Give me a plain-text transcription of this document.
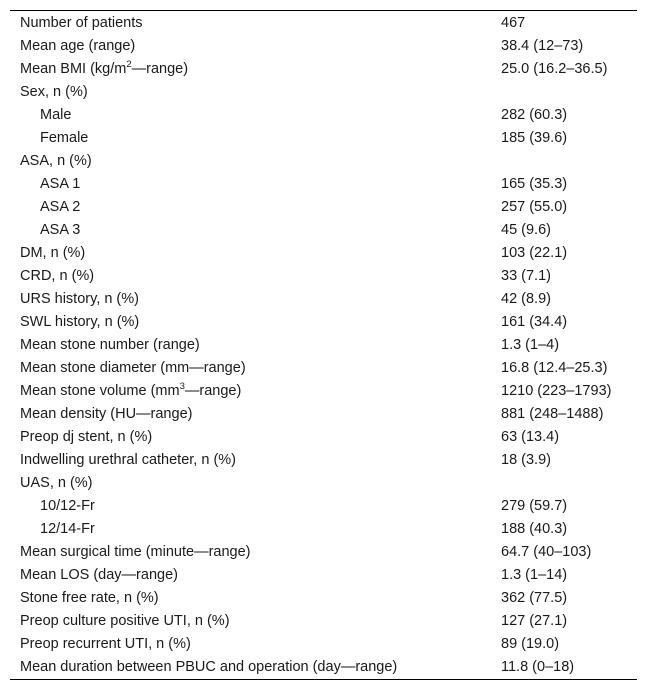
Number of patients	467
Mean age (range)	38.4 (12–73)
Mean BMI $(kg/m^2—range)$	25.0 (16.2–36.5)
Sex, n (%)	
Male	282 (60.3)
Female	185 (39.6)
ASA, n (%)	
ASA 1	165 (35.3)
ASA 2	257 (55.0)
ASA 3	45 (9.6)
DM, n (%)	103 (22.1)
CRD, n (%)	33 (7.1)
URS history, n (%)	42 (8.9)
SWL history, n (%)	161 (34.4)
Mean stone number (range)	1.3 (1–4)
Mean stone diameter (mm—range)	16.8 (12.4–25.3)
Mean stone volume $(mm^3—range)$	1210 (223–1793)
Mean density (HU—range)	881 (248–1488)
Preop dj stent, n (%)	63 (13.4)
Indwelling urethral catheter, n (%)	18 (3.9)
UAS, n (%)	
10/12-Fr	279 (59.7)
12/14-Fr	188 (40.3)
Mean surgical time (minute—range)	64.7 (40–103)
Mean LOS (day—range)	1.3 (1–14)
Stone free rate, n (%)	362 (77.5)
Preop culture positive UTI, n (%)	127 (27.1)
Preop recurrent UTI, n (%)	89 (19.0)
Mean duration between PBUC and operation (day—range)	11.8 (0–18)
